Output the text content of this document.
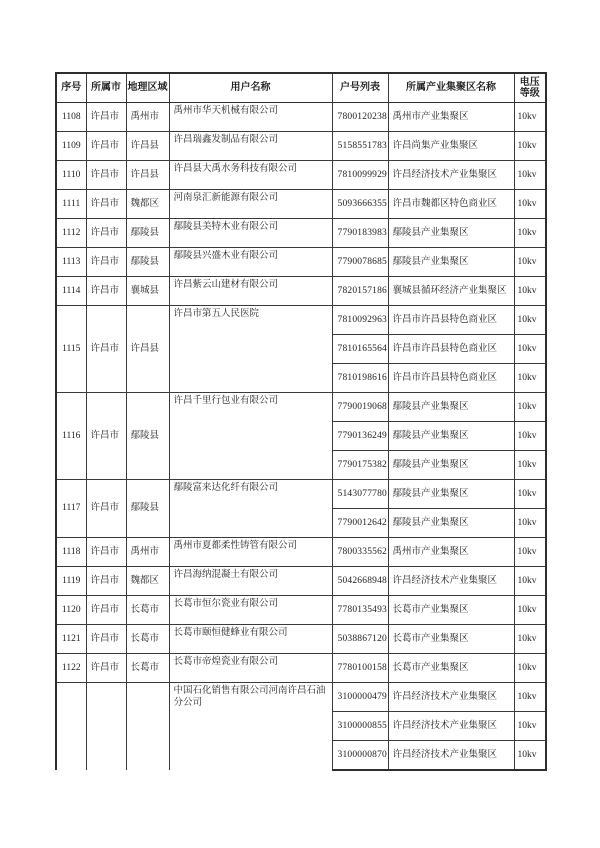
序号	所属市	地理区域	用户名称	户号列表	所属产业集聚区名称	电压等级
1108	许昌市	禹州市	禹州市华天机械有限公司	7800120238	禹州市产业集聚区	10kv
1109	许昌市	许昌县	许昌瑞鑫发制品有限公司	5158551783	许昌尚集产业集聚区	10kv
1110	许昌市	许昌县	许昌县大禹水务科技有限公司	7810099929	许昌经济技术产业集聚区	10kv
1111	许昌市	魏都区	河南泉汇新能源有限公司	5093666355	许昌市魏都区特色商业区	10kv
1112	许昌市	鄢陵县	鄢陵县美特木业有限公司	7790183983	鄢陵县产业集聚区	10kv
1113	许昌市	鄢陵县	鄢陵县兴盛木业有限公司	7790078685	鄢陵县产业集聚区	10kv
1114	许昌市	襄城县	许昌紫云山建材有限公司	7820157186	襄城县循环经济产业集聚区	10kv
1115	许昌市	许昌县	许昌市第五人民医院	7810092963	许昌市许昌县特色商业区	10kv
				7810165564	许昌市许昌县特色商业区	10kv
				7810198616	许昌市许昌县特色商业区	10kv
1116	许昌市	鄢陵县	许昌千里行包业有限公司	7790019068	鄢陵县产业集聚区	10kv
				7790136249	鄢陵县产业集聚区	10kv
				7790175382	鄢陵县产业集聚区	10kv
1117	许昌市	鄢陵县	鄢陵富来达化纤有限公司	5143077780	鄢陵县产业集聚区	10kv
				7790012642	鄢陵县产业集聚区	10kv
1118	许昌市	禹州市	禹州市夏都柔性铸管有限公司	7800335562	禹州市产业集聚区	10kv
1119	许昌市	魏都区	许昌海纳混凝土有限公司	5042668948	许昌经济技术产业集聚区	10kv
1120	许昌市	长葛市	长葛市恒尔瓷业有限公司	7780135493	长葛市产业集聚区	10kv
1121	许昌市	长葛市	长葛市颐恒健蜂业有限公司	5038867120	长葛市产业集聚区	10kv
1122	许昌市	长葛市	长葛市帝煌瓷业有限公司	7780100158	长葛市产业集聚区	10kv
			中国石化销售有限公司河南许昌石油分公司	3100000479	许昌经济技术产业集聚区	10kv
				3100000855	许昌经济技术产业集聚区	10kv
				3100000870	许昌经济技术产业集聚区	10kv
